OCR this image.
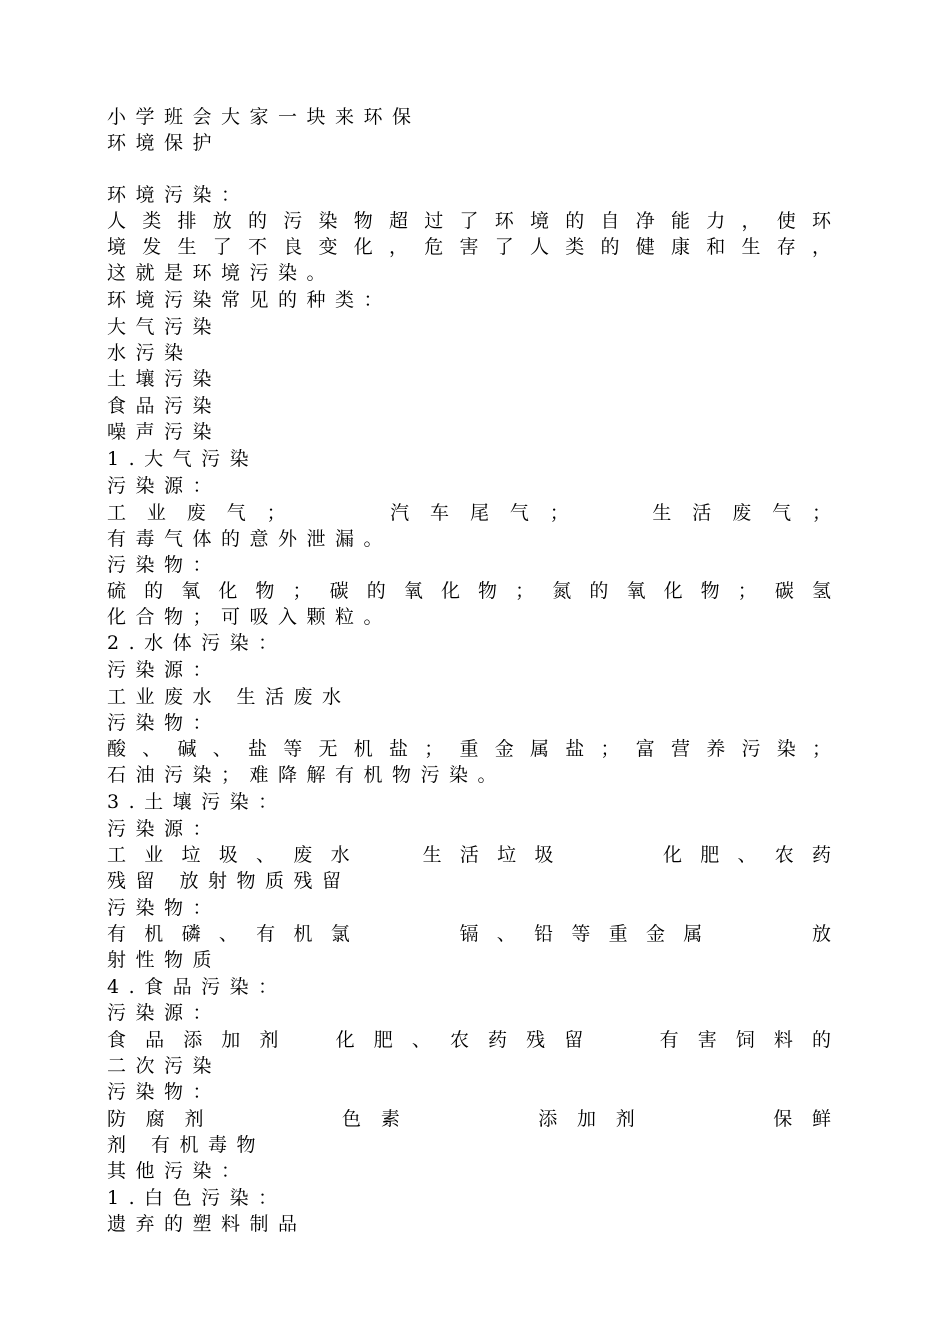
小学班会大家一块来环保
环境保护
环境污染：
人 类 排 放 的 污 染 物 超 过 了 环 境 的 自 净 能 力 ， 使 环
境 发 生 了 不 良 变 化 ， 危 害 了 人 类 的 健 康 和 生 存 ，
这就是环境污染。
环境污染常见的种类：
大气污染
水污染
土壤污染
食品污染
噪声污染
1.大气污染
污染源：
工 业 废 气 ；	汽 车 尾 气 ；	生 活 废 气 ；
有毒气体的意外泄漏。
污染物：
硫 的 氧 化 物 ； 碳 的 氧 化 物 ； 氮 的 氧 化 物 ； 碳 氢
化合物；可吸入颗粒。
2.水体污染：
污染源：
工业废水 生活废水
污染物：
酸 、 碱 、 盐 等 无 机 盐 ； 重 金 属 盐 ； 富 营 养 污 染 ；
石油污染；难降解有机物污染。
3.土壤污染：
污染源：
工 业 垃 圾 、 废 水	生 活 垃 圾	化 肥 、 农 药
残留 放射物质残留
污染物：
有 机 磷 、 有 机 氯	镉 、 铅 等 重 金 属	放
射性物质
4.食品污染：
污染源：
食 品 添 加 剂	化 肥 、 农 药 残 留	有 害 饲 料 的
二次污染
污染物：
防 腐 剂	色 素	添 加 剂	保 鲜
剂 有机毒物
其他污染：
1.白色污染：
遗弃的塑料制品
